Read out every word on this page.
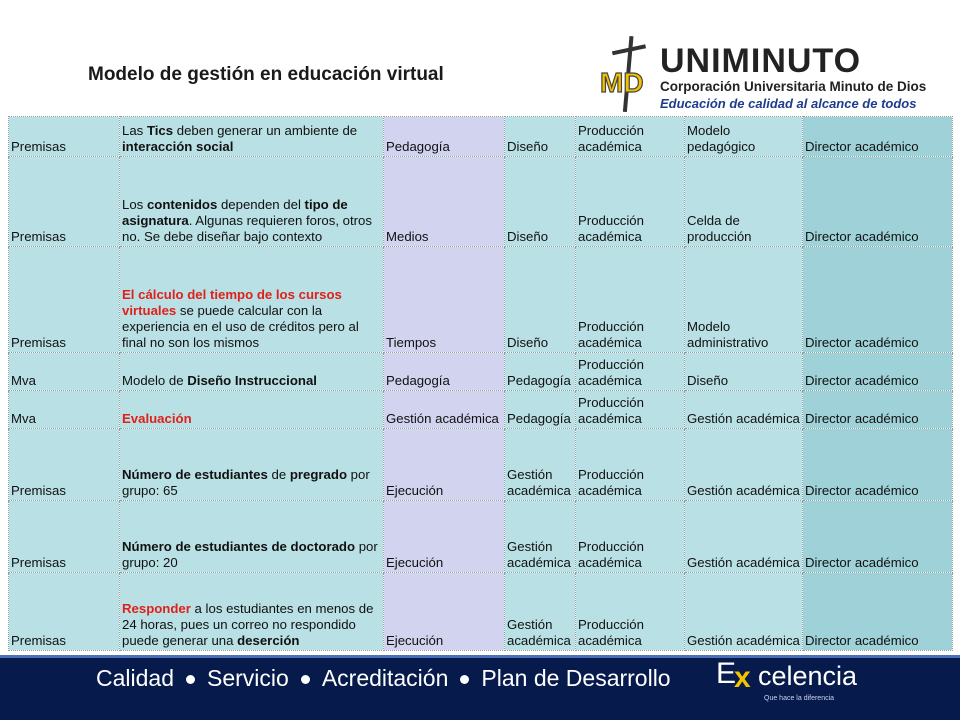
Modelo de gestión en educación virtual	MD
UNIMINUTO
Corporación Universitaria Minuto de Dios
Educación de calidad al alcance de todos
Premisas	Las Tics deben generar un ambiente de interacción social	Pedagogía	Diseño	Producción académica	Modelo pedagógico	Director académico
Premisas	Los contenidos dependen del tipo de asignatura. Algunas requieren foros, otros no. Se debe diseñar bajo contexto	Medios	Diseño	Producción académica	Celda de producción	Director académico
Premisas	El cálculo del tiempo de los cursos virtuales se puede calcular con la experiencia en el uso de créditos pero al final no son los mismos	Tiempos	Diseño	Producción académica	Modelo administrativo	Director académico
Mva	Modelo de Diseño Instruccional	Pedagogía	Pedagogía	Producción académica	Diseño	Director académico
Mva	Evaluación	Gestión académica	Pedagogía	Producción académica	Gestión académica	Director académico
Premisas	Número de estudiantes de pregrado por grupo: 65	Ejecución	Gestión académica	Producción académica	Gestión académica	Director académico
Premisas	Número de estudiantes de doctorado por grupo: 20	Ejecución	Gestión académica	Producción académica	Gestión académica	Director académico
Premisas	Responder a los estudiantes en menos de 24 horas, pues un correo no respondido puede generar una deserción	Ejecución	Gestión académica	Producción académica	Gestión académica	Director académico
Calidad Servicio Acreditación Plan de Desarrollo E
x celencia
Que hace la diferencia
